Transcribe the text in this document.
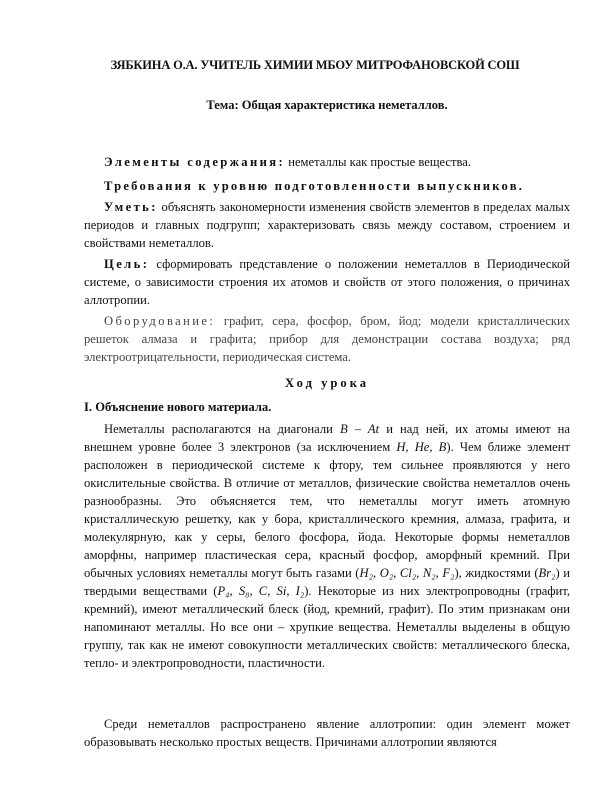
ЗЯБКИНА О.А. УЧИТЕЛЬ ХИМИИ МБОУ МИТРОФАНОВСКОЙ СОШ
Тема: Общая характеристика неметаллов.
Элементы содержания: неметаллы как простые вещества.
Требования к уровню подготовленности выпускников.
Уметь: объяснять закономерности изменения свойств элементов в пределах малых периодов и главных подгрупп; характеризовать связь между составом, строением и свойствами неметаллов.
Цель: сформировать представление о положении неметаллов в Периодической системе, о зависимости строения их атомов и свойств от этого положения, о причинах аллотропии.
Оборудование: графит, сера, фосфор, бром, йод; модели кристаллических решеток алмаза и графита; прибор для демонстрации состава воздуха; ряд электроотрицательности, периодическая система.
Ход урока
I. Объяснение нового материала.
Неметаллы располагаются на диагонали B – At и над ней, их атомы имеют на внешнем уровне более 3 электронов (за исключением H, He, B). Чем ближе элемент расположен в периодической системе к фтору, тем сильнее проявляются у него окислительные свойства. В отличие от металлов, физические свойства неметаллов очень разнообразны. Это объясняется тем, что неметаллы могут иметь атомную кристаллическую решетку, как у бора, кристаллического кремния, алмаза, графита, и молекулярную, как у серы, белого фосфора, йода. Некоторые формы неметаллов аморфны, например пластическая сера, красный фосфор, аморфный кремний. При обычных условиях неметаллы могут быть газами (H₂, O₂, Cl₂, N₂, F₂), жидкостями (Br₂) и твердыми веществами (P₄, S₈, C, Si, I₂). Некоторые из них электропроводны (графит, кремний), имеют металлический блеск (йод, кремний, графит). По этим признакам они напоминают металлы. Но все они – хрупкие вещества. Неметаллы выделены в общую группу, так как не имеют совокупности металлических свойств: металлического блеска, тепло- и электропроводности, пластичности.
Среди неметаллов распространено явление аллотропии: один элемент может образовывать несколько простых веществ. Причинами аллотропии являются
